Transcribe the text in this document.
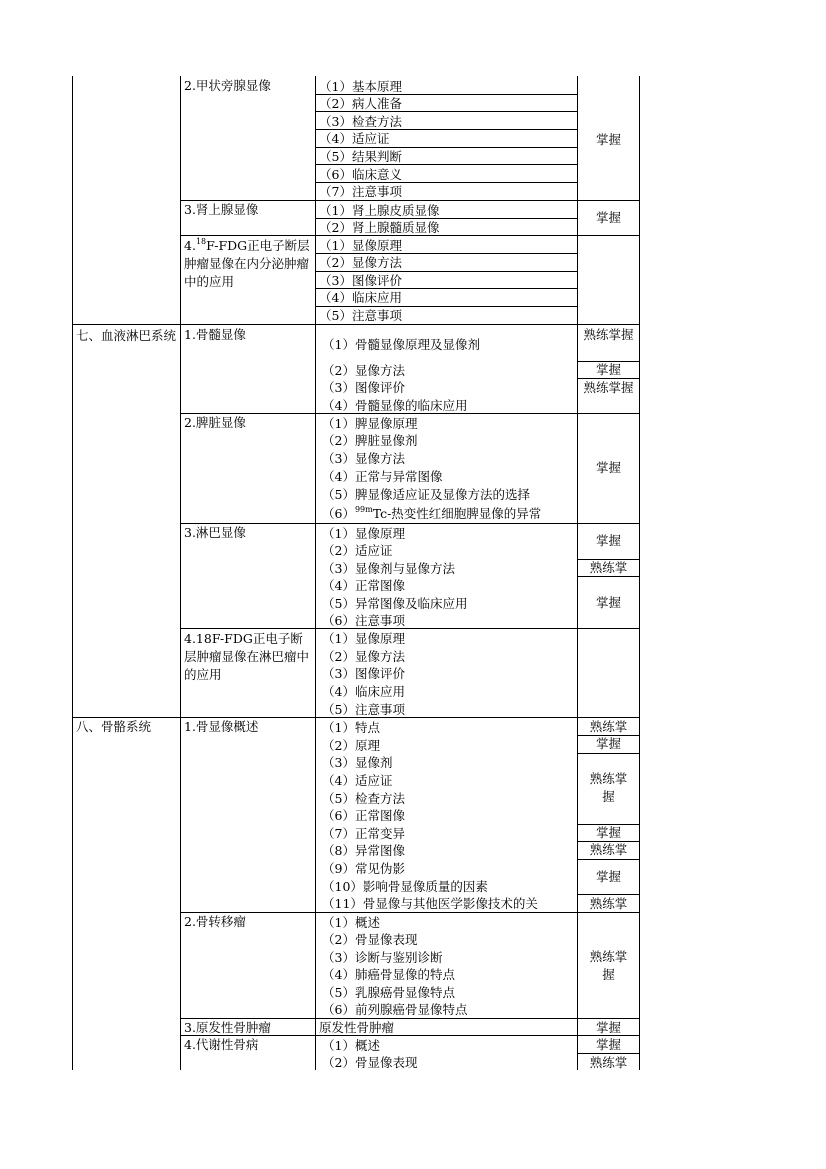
七、血液淋巴系统
八、骨骼系统
2.甲状旁腺显像
3.肾上腺显像
4.18F-FDG正电子断层肿瘤显像在内分泌肿瘤中的应用
1.骨髓显像
2.脾脏显像
3.淋巴显像
4.18F-FDG正电子断层肿瘤显像在淋巴瘤中的应用
1.骨显像概述
2.骨转移瘤
3.原发性骨肿瘤
4.代谢性骨病
（1）基本原理
（2）病人准备
（3）检查方法
（4）适应证
（5）结果判断
（6）临床意义
（7）注意事项
（1）肾上腺皮质显像
（2）肾上腺髓质显像
（1）显像原理
（2）显像方法
（3）图像评价
（4）临床应用
（5）注意事项
（1）骨髓显像原理及显像剂
（2）显像方法
（3）图像评价
（4）骨髓显像的临床应用
（1）脾显像原理
（2）脾脏显像剂
（3）显像方法
（4）正常与异常图像
（5）脾显像适应证及显像方法的选择
$(6)^{99m}Tc-$热变性红细胞脾显像的异常
（1）显像原理
（2）适应证
（3）显像剂与显像方法
（4）正常图像
（5）异常图像及临床应用
（6）注意事项
（1）显像原理
（2）显像方法
（3）图像评价
（4）临床应用
（5）注意事项
（1）特点
（2）原理
（3）显像剂
（4）适应证
（5）检查方法
（6）正常图像
（7）正常变异
（8）异常图像
（9）常见伪影
（10）影响骨显像质量的因素
（11）骨显像与其他医学影像技术的关
（1）概述
（2）骨显像表现
（3）诊断与鉴别诊断
（4）肺癌骨显像的特点
（5）乳腺癌骨显像特点
（6）前列腺癌骨显像特点
原发性骨肿瘤
（1）概述
（2）骨显像表现
掌握
掌握
熟练掌握
掌握
熟练掌握
掌握
掌握
熟练掌
掌握
熟练掌
掌握
熟练掌握
掌握
熟练掌
掌握
熟练掌
熟练掌握
掌握
掌握
熟练掌
